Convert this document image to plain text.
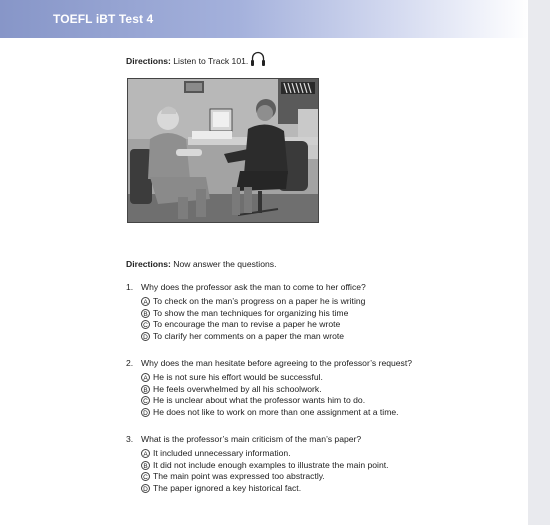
TOEFL iBT Test 4
Directions: Listen to Track 101.
Directions: Now answer the questions.
1. Why does the professor ask the man to come to her office?
A To check on the man’s progress on a paper he is writing
B To show the man techniques for organizing his time
C To encourage the man to revise a paper he wrote
D To clarify her comments on a paper the man wrote
2. Why does the man hesitate before agreeing to the professor’s request?
A He is not sure his effort would be successful.
B He feels overwhelmed by all his schoolwork.
C He is unclear about what the professor wants him to do.
D He does not like to work on more than one assignment at a time.
3. What is the professor’s main criticism of the man’s paper?
A It included unnecessary information.
B It did not include enough examples to illustrate the main point.
C The main point was expressed too abstractly.
D The paper ignored a key historical fact.
